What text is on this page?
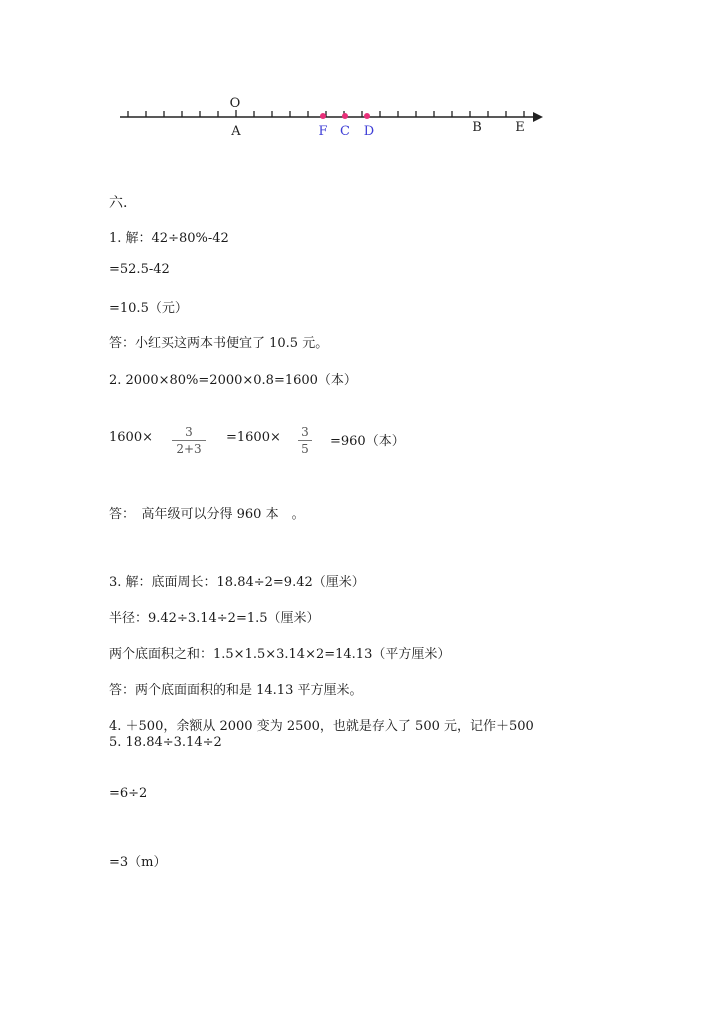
O
A	F C D	B	E
六.
1. 解：42÷80%-42
=52.5-42
=10.5（元）
答：小红买这两本书便宜了 10.5 元。
2. 2000×80%=2000×0.8=1600（本）
1600×	3
2+3
=1600× 3
5 =960（本）
答：　高年级可以分得 960 本　。
3. 解：底面周长：18.84÷2=9.42（厘米）
半径：9.42÷3.14÷2=1.5（厘米）
两个底面积之和：1.5×1.5×3.14×2=14.13（平方厘米）
答：两个底面面积的和是 14.13 平方厘米。
4. ＋500，余额从 2000 变为 2500，也就是存入了 500 元，记作＋500
5. 18.84÷3.14÷2
=6÷2
=3（m）
